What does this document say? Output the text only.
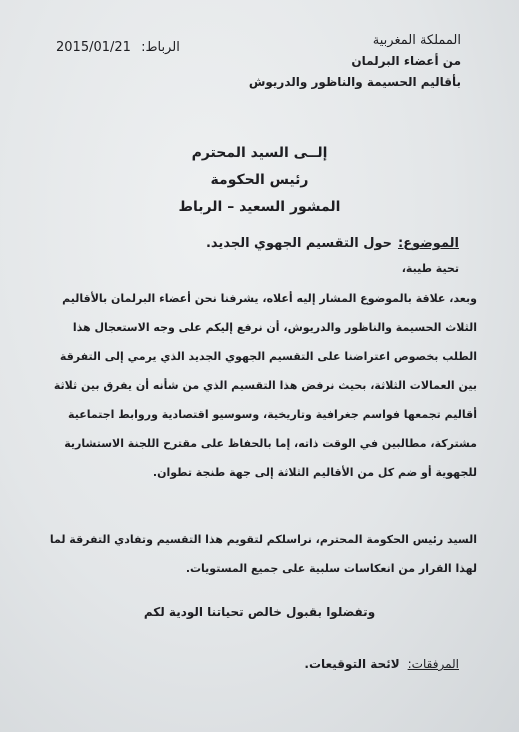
المملكة المغربية
من أعضاء البرلمان
بأقاليم الحسيمة والناظور والدريوش
2015/01/21 الرباط:
إلــى السيد المحترم
رئيس الحكومة
المشور السعيد – الرباط
الموضوع:حول التقسيم الجهوي الجديد.
تحية طيبة،
وبعد، علاقة بالموضوع المشار إليه أعلاه، يشرفنا نحن أعضاء البرلمان بالأقاليم
الثلاث الحسيمة والناظور والدريوش، أن نرفع إليكم على وجه الاستعجال هذا
الطلب بخصوص اعتراضنا على التقسيم الجهوي الجديد الذي يرمي إلى التفرقة
بين العمالات الثلاثة، بحيث نرفض هذا التقسيم الذي من شأنه أن يفرق بين ثلاثة
أقاليم تجمعها فواسم جغرافية وتاريخية، وسوسيو اقتصادية وروابط اجتماعية
مشتركة، مطالبين في الوقت ذاته، إما بالحفاظ على مقترح اللجنة الاستشارية
للجهوية أو ضم كل من الأقاليم الثلاثة إلى جهة طنجة تطوان.
السيد رئيس الحكومة المحترم، نراسلكم لتقويم هذا التقسيم وتفادي التفرقة لما
لهذا القرار من انعكاسات سلبية على جميع المستويات.
وتفضلوا بقبول خالص تحياتنا الودية لكم
المرفقات:لائحة التوقيعات.
